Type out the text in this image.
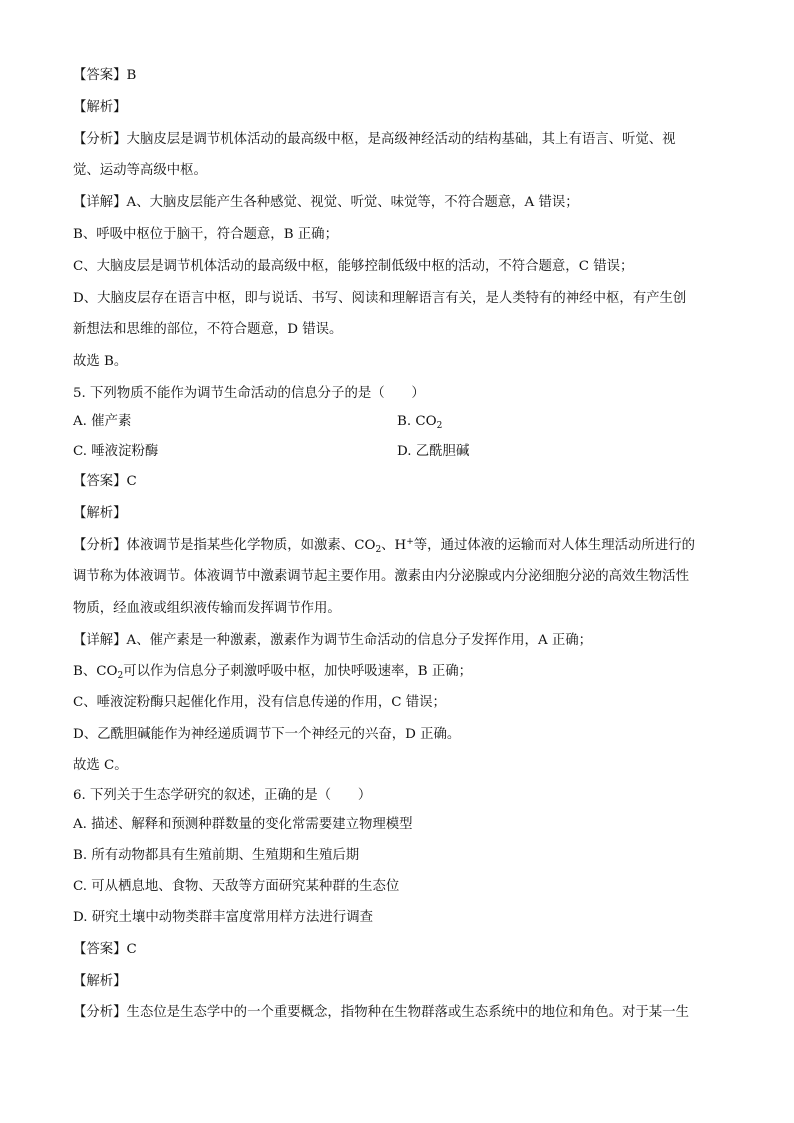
【答案】B
【解析】
【分析】大脑皮层是调节机体活动的最高级中枢，是高级神经活动的结构基础，其上有语言、听觉、视
觉、运动等高级中枢。
【详解】A、大脑皮层能产生各种感觉、视觉、听觉、味觉等，不符合题意，A 错误；
B、呼吸中枢位于脑干，符合题意，B 正确；
C、大脑皮层是调节机体活动的最高级中枢，能够控制低级中枢的活动，不符合题意，C 错误；
D、大脑皮层存在语言中枢，即与说话、书写、阅读和理解语言有关，是人类特有的神经中枢，有产生创
新想法和思维的部位，不符合题意，D 错误。
故选 B。
5. 下列物质不能作为调节生命活动的信息分子的是（　　）
A. 催产素	B. $CO_2$
C. 唾液淀粉酶	D. 乙酰胆碱
【答案】C
【解析】
【分析】体液调节是指某些化学物质，如激素、$CO_2$、H+等，通过体液的运输而对人体生理活动所进行的
调节称为体液调节。体液调节中激素调节起主要作用。激素由内分泌腺或内分泌细胞分泌的高效生物活性
物质，经血液或组织液传输而发挥调节作用。
【详解】A、催产素是一种激素，激素作为调节生命活动的信息分子发挥作用，A 正确；
B、$CO_2$可以作为信息分子刺激呼吸中枢，加快呼吸速率，B 正确；
C、唾液淀粉酶只起催化作用，没有信息传递的作用，C 错误；
D、乙酰胆碱能作为神经递质调节下一个神经元的兴奋，D 正确。
故选 C。
6. 下列关于生态学研究的叙述，正确的是（　　）
A. 描述、解释和预测种群数量的变化常需要建立物理模型
B. 所有动物都具有生殖前期、生殖期和生殖后期
C. 可从栖息地、食物、天敌等方面研究某种群的生态位
D. 研究土壤中动物类群丰富度常用样方法进行调查
【答案】C
【解析】
【分析】生态位是生态学中的一个重要概念，指物种在生物群落或生态系统中的地位和角色。对于某一生
